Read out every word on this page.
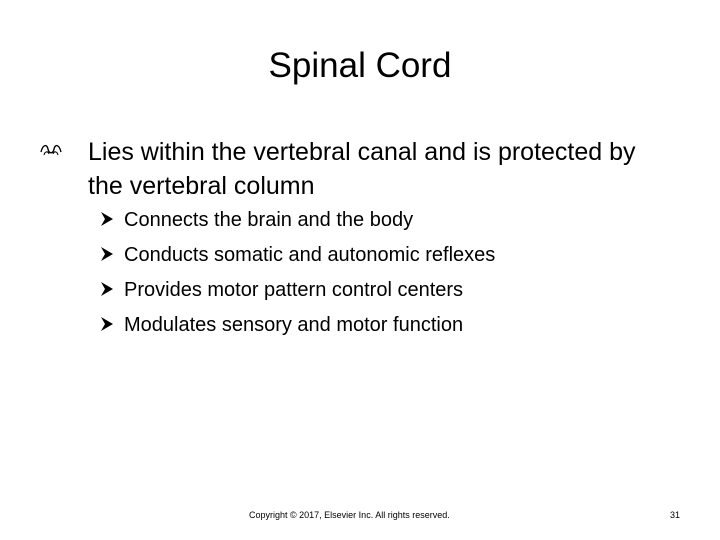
Spinal Cord
Lies within the vertebral canal and is protected by the vertebral column
Connects the brain and the body
Conducts somatic and autonomic reflexes
Provides motor pattern control centers
Modulates sensory and motor function
Copyright © 2017, Elsevier Inc. All rights reserved.	31
